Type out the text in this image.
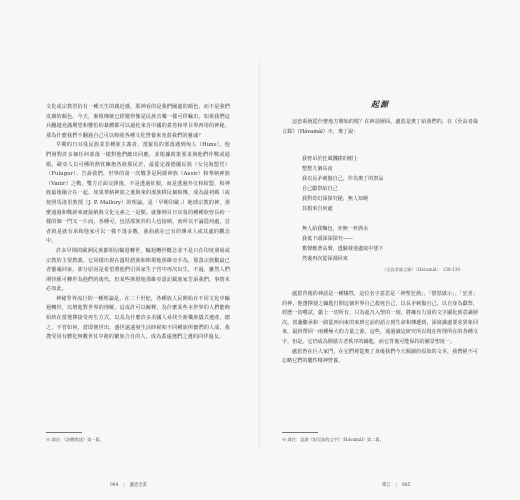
文化或宗教習俗有一種天生的親近感，那神看的是我們圖處的顏色，而不是我們皮膚的顏色。今天，審慎傳統已經變得像是民族音樂一樣可供輸出，如果我們這兵翻越充滿期望和懼怕的暴體都可以過化來自中國的蓋卷和卑目界西用的神秘，那為什麼我們不翻過自己可以吸收各種文化營養來充盈我們的靈魂？

早期的日耳曼民族並非種族主義者，當羅馬的部落遇到匈人（Huns）。他們發對許多個任何部落一樣對他們敵出回應，並根據政策要求與他們作戰或通婚。歐亞人以可種的熱忱擁抱各族那民於，最從定義德國民族（女兒海盟宮）（Fulugur）、告訴我們，世界的第一次戰爭是阿薩神族（Aesir）和華納神族（Vanir）之戰，雙方正面交鋒後，不是透過征服，而是透過外交和結盟，和神族最後融合在一起。如果華納神族之後與來的部族移民個相傳，成為最初碼（或按照馬洛里教授（J. P. Mallory）的理論，是「早期印歐」）地球宗教的神，那麼通過和戰新來被接納與文化元素之一是類。就像例目日耳曼的種種族曾長約一樣的個一門又一片而，各種可，包括部族外的人也接納，而所以不論從何處，首者就是就有承和他家可以一樣不落多數，曲曲就在已有的傳承人或其處的觀念中。

許多早期的歐洲民族都相信輪迴轉世，輪迴轉世概念並不是只在印度發展或宗教的主要教義。它同樣出現在溫特諾族和斯堪地那維亞手為，那落宗族數最已者靈魂回家，部分原因是希望將他們引回家生子宮中再次出生，不過，雖然人們期待匯可轉世為他們的後代，但某些斯堪地那維亞語記載族家告訴我們，事情未必如此。

神秘學界流行的一種理論是，在二十世紀，各種族人民開始在不同文化中輪迴轉世，以增進對世界的理解，這或許可以解釋，為什麼某些本世界的人們能夠始終在當選擇接受再生方式，以及為什麼許多美國人尋找全新樂族儀式遺產，總之，不管如何，當即實世出，盛世遠遠發生活時候和不同種族所寶們的人成，我搜受用有體化無數世仗中祂的繁族合自的人，成為蓋遠選們之遺的同伴過友。

※ 譯注：《詩體埃達》第一篇。
004 | 蘆恩全書
起源
這套系統從什麼地方開始的呢？在神話層面，盧恩是奧丁給我們的，在《至高者箴言錄》（Hávamál）※，奧丁說：
我曾吊於狂風飄搖的樹上
整整九個長夜
我以長矛刺傷自己，作為奧丁的祭品
自己獻祭給自己
我對奇幻深探究秘，無人知曉
其根來自何處
無人給我麵包，亦無一杯酒水
我低下頭深深探究——
奮聲應著高聲，透驗發達處取中墜下
然後再次從深淵回來
（至高者箴言錄）（Hávamál）：138-139

盧恩背後的神話是一種犧牲，這位名字意思是「神聖狂熱」、「憤怒啟示」、「狂喜」的神，他選擇使之鑰匙打開這個世界自己殺死自己，以長矛刺傷自己，以自身為獻祭，經歷一切嚐試，獻上一切所有，只為超凡入聖的一刻，將擁有力量的文字顯化到意識層次。當蘆繼承和一路從西向東的來到它前的語言到生命和傳遞到，深度識處要求異象回來，最終帶回一兩種極大的力量之源，這些，通過讀這研究所以現在所理所在的各種文字，但是，它仍成為開啟古老秩序的鑰匙，而它背後可能保持的圖景聖度一。

盧恩曾在巨人家門，在它們裡從奧丁身後我們今天閱讀的原始的文本，我們絕不可忘略它們的屬性精神營養。

※ 譯注：直譯《如至高的文字》（Hávamál）第二篇。
導言 | 005
